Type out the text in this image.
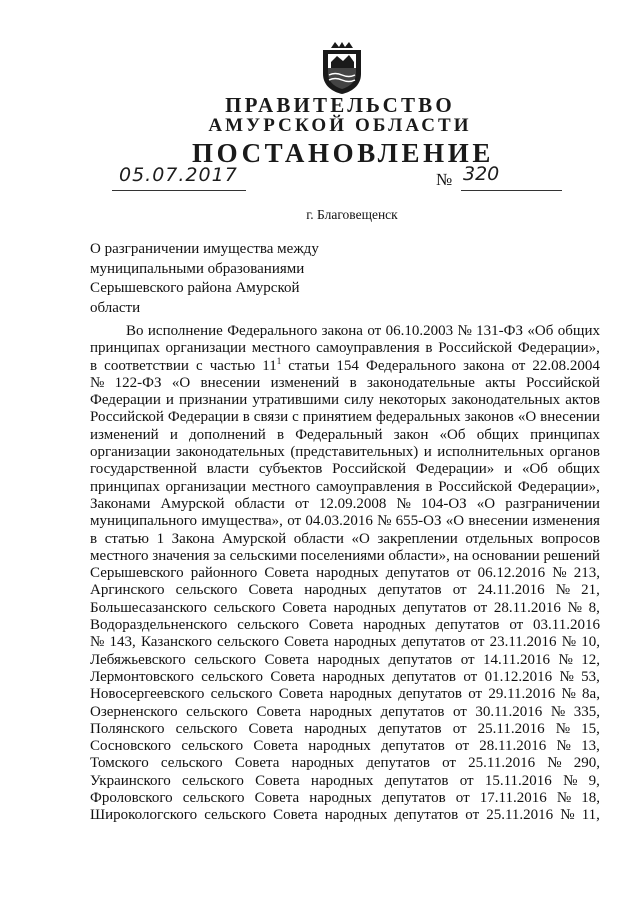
ПРАВИТЕЛЬСТВО
АМУРСКОЙ ОБЛАСТИ
ПОСТАНОВЛЕНИЕ
05.07.2017	№ 320
г. Благовещенск
О разграничении имущества между
муниципальными образованиями
Серышевского района Амурской
области
Во исполнение Федерального закона от 06.10.2003 № 131-ФЗ «Об общих
принципах организации местного самоуправления в Российской Федерации»,
в соответствии с частью $11^1$ статьи 154 Федерального закона от 22.08.2004
№ 122-ФЗ «О внесении изменений в законодательные акты Российской
Федерации и признании утратившими силу некоторых законодательных актов
Российской Федерации в связи с принятием федеральных законов «О внесении
изменений и дополнений в Федеральный закон «Об общих принципах
организации законодательных (представительных) и исполнительных органов
государственной власти субъектов Российской Федерации» и «Об общих
принципах организации местного самоуправления в Российской Федерации»,
Законами Амурской области от 12.09.2008 № 104-ОЗ «О разграничении
муниципального имущества», от 04.03.2016 № 655-ОЗ «О внесении изменения
в статью 1 Закона Амурской области «О закреплении отдельных вопросов
местного значения за сельскими поселениями области», на основании решений
Серышевского районного Совета народных депутатов от 06.12.2016 № 213,
Аргинского сельского Совета народных депутатов от 24.11.2016 № 21,
Большесазанского сельского Совета народных депутатов от 28.11.2016 № 8,
Водораздельненского сельского Совета народных депутатов от 03.11.2016
№ 143, Казанского сельского Совета народных депутатов от 23.11.2016 № 10,
Лебяжьевского сельского Совета народных депутатов от 14.11.2016 № 12,
Лермонтовского сельского Совета народных депутатов от 01.12.2016 № 53,
Новосергеевского сельского Совета народных депутатов от 29.11.2016 № 8а,
Озерненского сельского Совета народных депутатов от 30.11.2016 № 335,
Полянского сельского Совета народных депутатов от 25.11.2016 № 15,
Сосновского сельского Совета народных депутатов от 28.11.2016 № 13,
Томского сельского Совета народных депутатов от 25.11.2016 № 290,
Украинского сельского Совета народных депутатов от 15.11.2016 № 9,
Фроловского сельского Совета народных депутатов от 17.11.2016 № 18,
Широкологского сельского Совета народных депутатов от 25.11.2016 № 11,
